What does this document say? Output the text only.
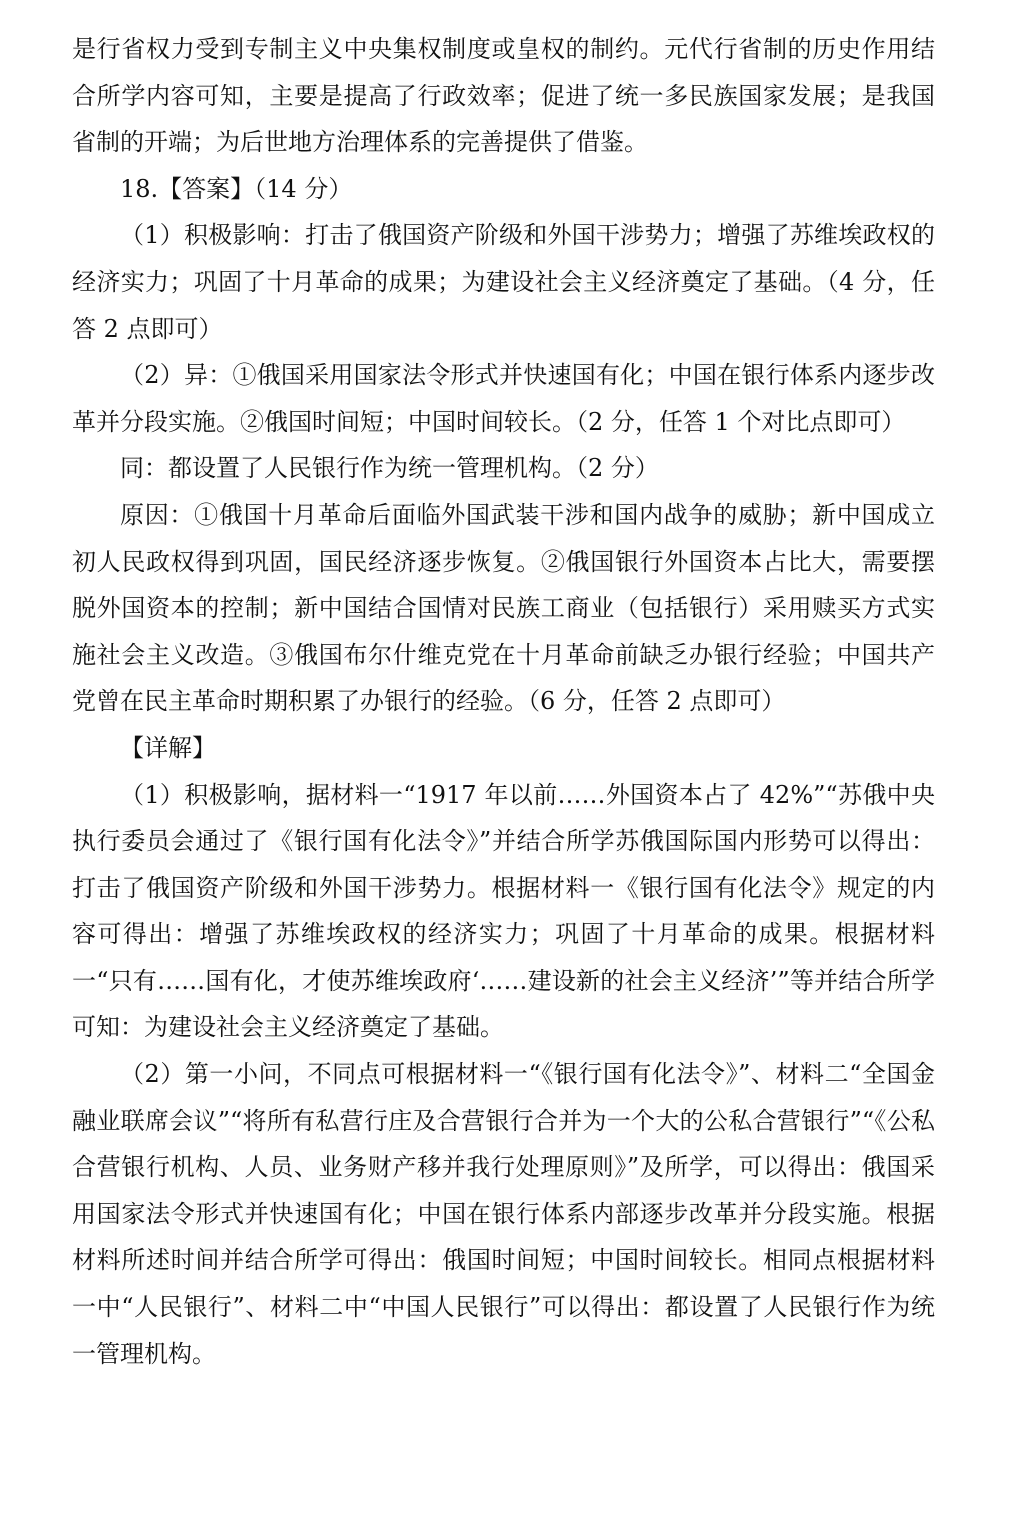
是行省权力受到专制主义中央集权制度或皇权的制约。元代行省制的历史作用结合所学内容可知，主要是提高了行政效率；促进了统一多民族国家发展；是我国省制的开端；为后世地方治理体系的完善提供了借鉴。

18.【答案】（14 分）

（1）积极影响：打击了俄国资产阶级和外国干涉势力；增强了苏维埃政权的经济实力；巩固了十月革命的成果；为建设社会主义经济奠定了基础。（4 分，任答 2 点即可）

（2）异：①俄国采用国家法令形式并快速国有化；中国在银行体系内逐步改革并分段实施。②俄国时间短；中国时间较长。（2 分，任答 1 个对比点即可）

同：都设置了人民银行作为统一管理机构。（2 分）

原因：①俄国十月革命后面临外国武装干涉和国内战争的威胁；新中国成立初人民政权得到巩固，国民经济逐步恢复。②俄国银行外国资本占比大，需要摆脱外国资本的控制；新中国结合国情对民族工商业（包括银行）采用赎买方式实施社会主义改造。③俄国布尔什维克党在十月革命前缺乏办银行经验；中国共产党曾在民主革命时期积累了办银行的经验。（6 分，任答 2 点即可）

【详解】

（1）积极影响，据材料一“1917 年以前……外国资本占了 42%”“苏俄中央执行委员会通过了《银行国有化法令》”并结合所学苏俄国际国内形势可以得出：打击了俄国资产阶级和外国干涉势力。根据材料一《银行国有化法令》规定的内容可得出：增强了苏维埃政权的经济实力；巩固了十月革命的成果。根据材料一“只有……国有化，才使苏维埃政府‘……建设新的社会主义经济’”等并结合所学可知：为建设社会主义经济奠定了基础。

（2）第一小问，不同点可根据材料一“《银行国有化法令》”、材料二“全国金融业联席会议”“将所有私营行庄及合营银行合并为一个大的公私合营银行”“《公私合营银行机构、人员、业务财产移并我行处理原则》”及所学，可以得出：俄国采用国家法令形式并快速国有化；中国在银行体系内部逐步改革并分段实施。根据材料所述时间并结合所学可得出：俄国时间短；中国时间较长。相同点根据材料一中“人民银行”、材料二中“中国人民银行”可以得出：都设置了人民银行作为统一管理机构。
